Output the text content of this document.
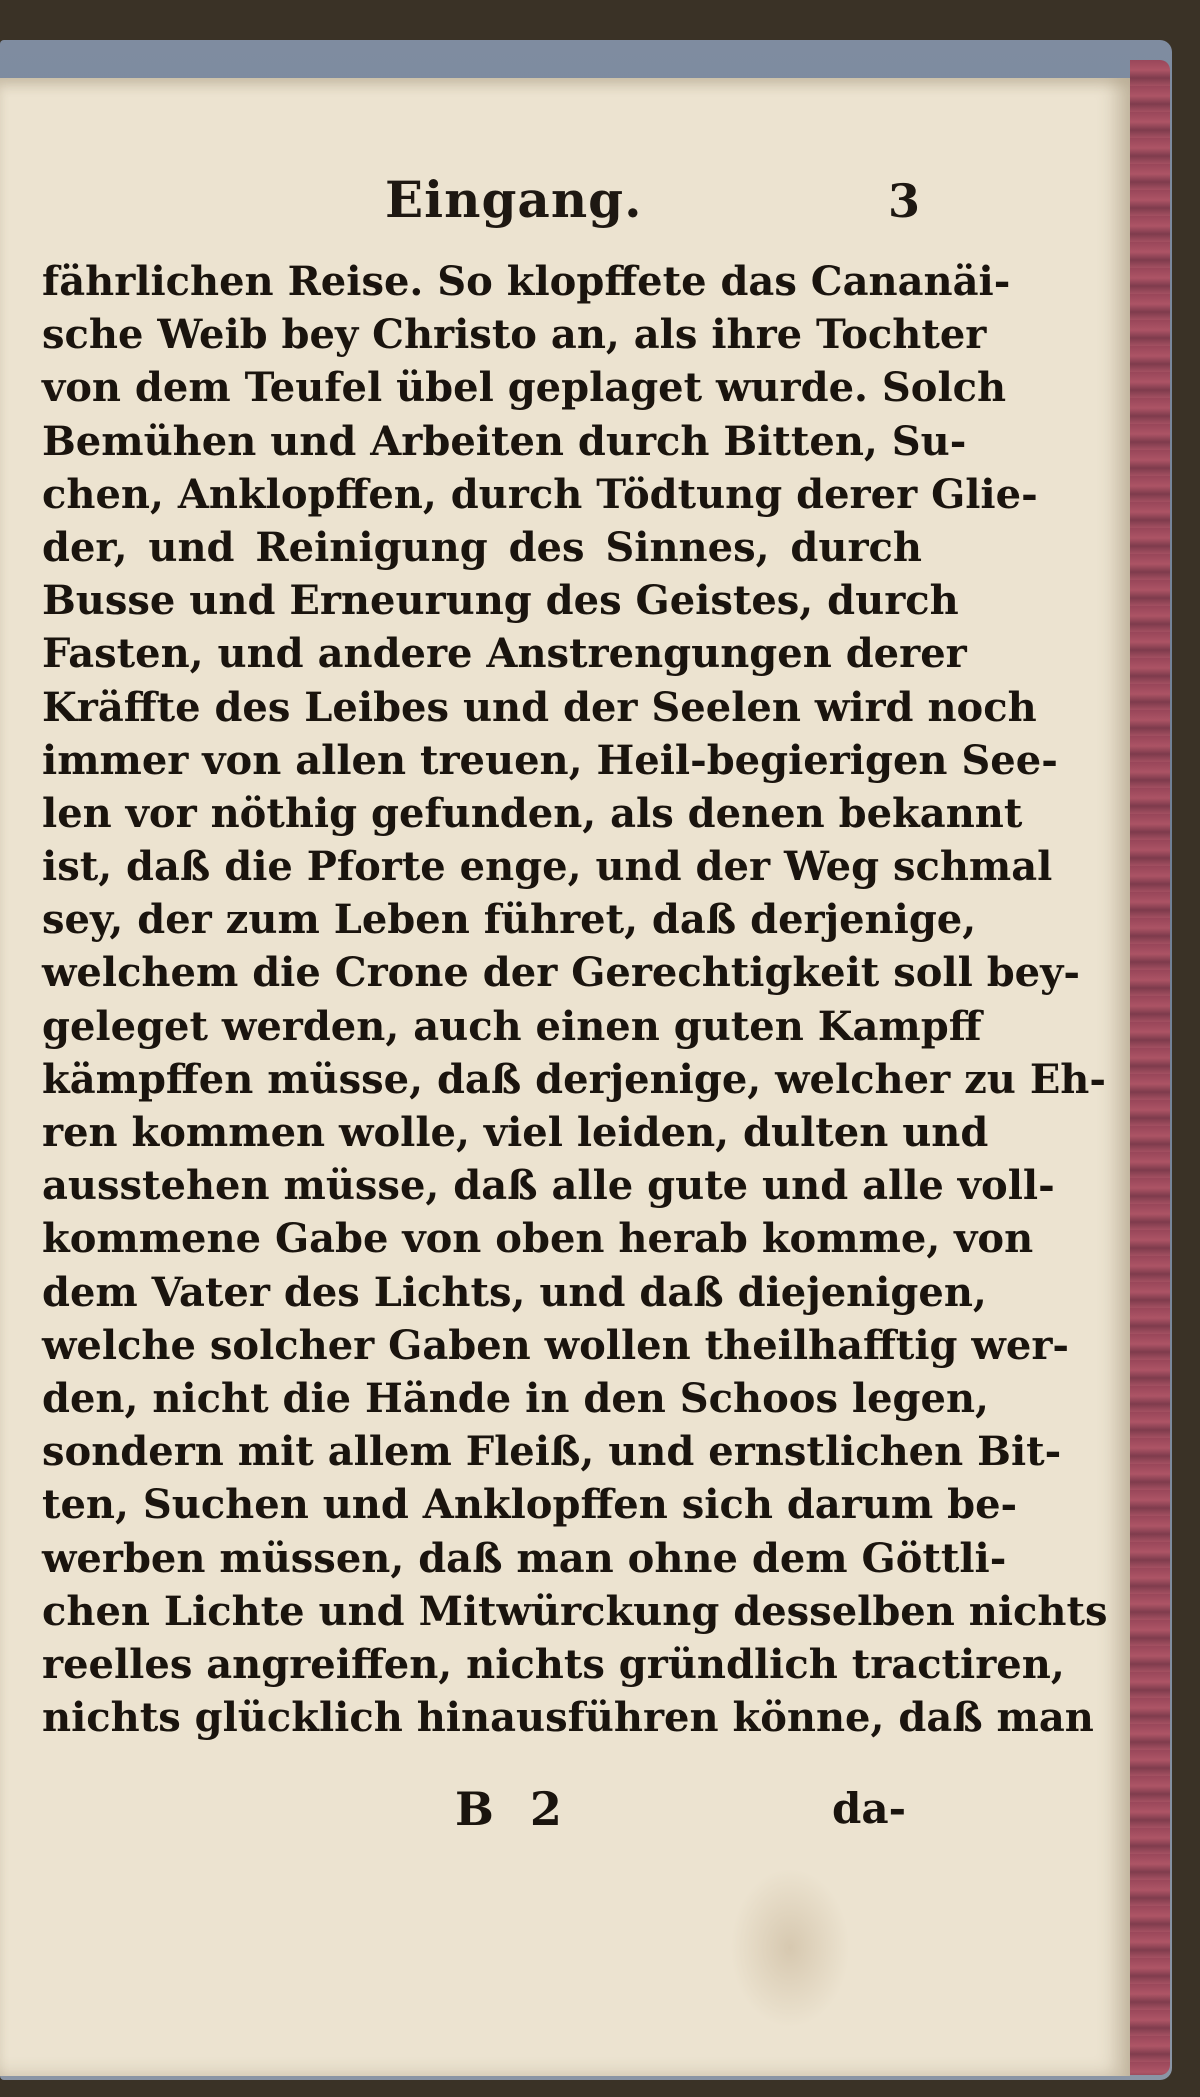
Eingang.	3
fährlichen Reise. So klopffete das Cananäi-
sche Weib bey Christo an, als ihre Tochter
von dem Teufel übel geplaget wurde. Solch
Bemühen und Arbeiten durch Bitten, Su-
chen, Anklopffen, durch Tödtung derer Glie-
der, und Reinigung des Sinnes, durch
Busse und Erneurung des Geistes, durch
Fasten, und andere Anstrengungen derer
Kräffte des Leibes und der Seelen wird noch
immer von allen treuen, Heil-begierigen See-
len vor nöthig gefunden, als denen bekannt
ist, daß die Pforte enge, und der Weg schmal
sey, der zum Leben führet, daß derjenige,
welchem die Crone der Gerechtigkeit soll bey-
geleget werden, auch einen guten Kampff
kämpffen müsse, daß derjenige, welcher zu Eh-
ren kommen wolle, viel leiden, dulten und
ausstehen müsse, daß alle gute und alle voll-
kommene Gabe von oben herab komme, von
dem Vater des Lichts, und daß diejenigen,
welche solcher Gaben wollen theilhafftig wer-
den, nicht die Hände in den Schoos legen,
sondern mit allem Fleiß, und ernstlichen Bit-
ten, Suchen und Anklopffen sich darum be-
werben müssen, daß man ohne dem Göttli-
chen Lichte und Mitwürckung desselben nichts
reelles angreiffen, nichts gründlich tractiren,
nichts glücklich hinausführen könne, daß man
B 2	da-
